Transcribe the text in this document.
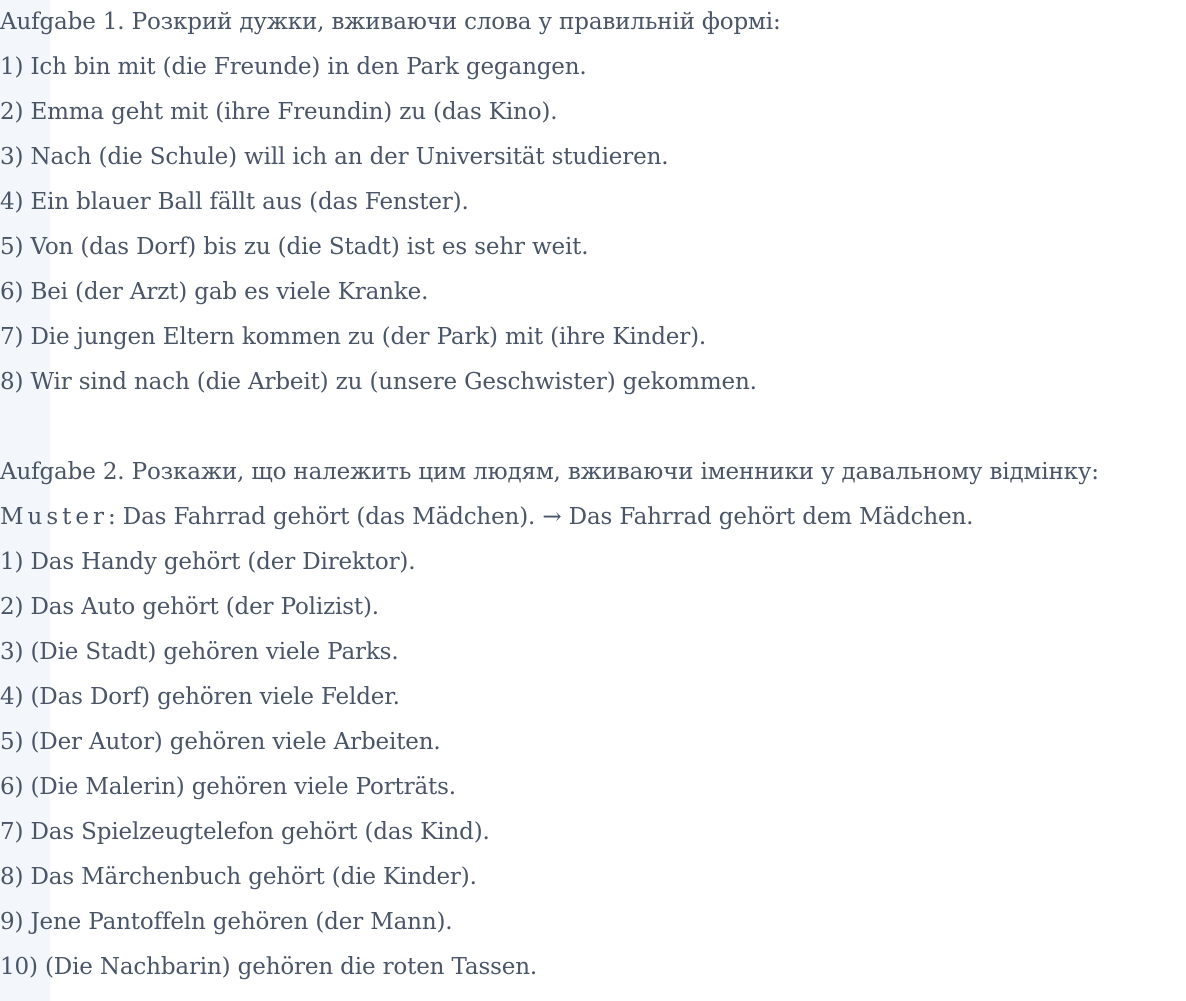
Aufgabe 1. Розкрий дужки, вживаючи слова у правильній формі:
1) Ich bin mit (die Freunde) in den Park gegangen.
2) Emma geht mit (ihre Freundin) zu (das Kino).
3) Nach (die Schule) will ich an der Universität studieren.
4) Ein blauer Ball fällt aus (das Fenster).
5) Von (das Dorf) bis zu (die Stadt) ist es sehr weit.
6) Bei (der Arzt) gab es viele Kranke.
7) Die jungen Eltern kommen zu (der Park) mit (ihre Kinder).
8) Wir sind nach (die Arbeit) zu (unsere Geschwister) gekommen.
Aufgabe 2. Розкажи, що належить цим людям, вживаючи іменники у давальному відмінку:
Muster: Das Fahrrad gehört (das Mädchen). → Das Fahrrad gehört dem Mädchen.
1) Das Handy gehört (der Direktor).
2) Das Auto gehört (der Polizist).
3) (Die Stadt) gehören viele Parks.
4) (Das Dorf) gehören viele Felder.
5) (Der Autor) gehören viele Arbeiten.
6) (Die Malerin) gehören viele Porträts.
7) Das Spielzeugtelefon gehört (das Kind).
8) Das Märchenbuch gehört (die Kinder).
9) Jene Pantoffeln gehören (der Mann).
10) (Die Nachbarin) gehören die roten Tassen.
